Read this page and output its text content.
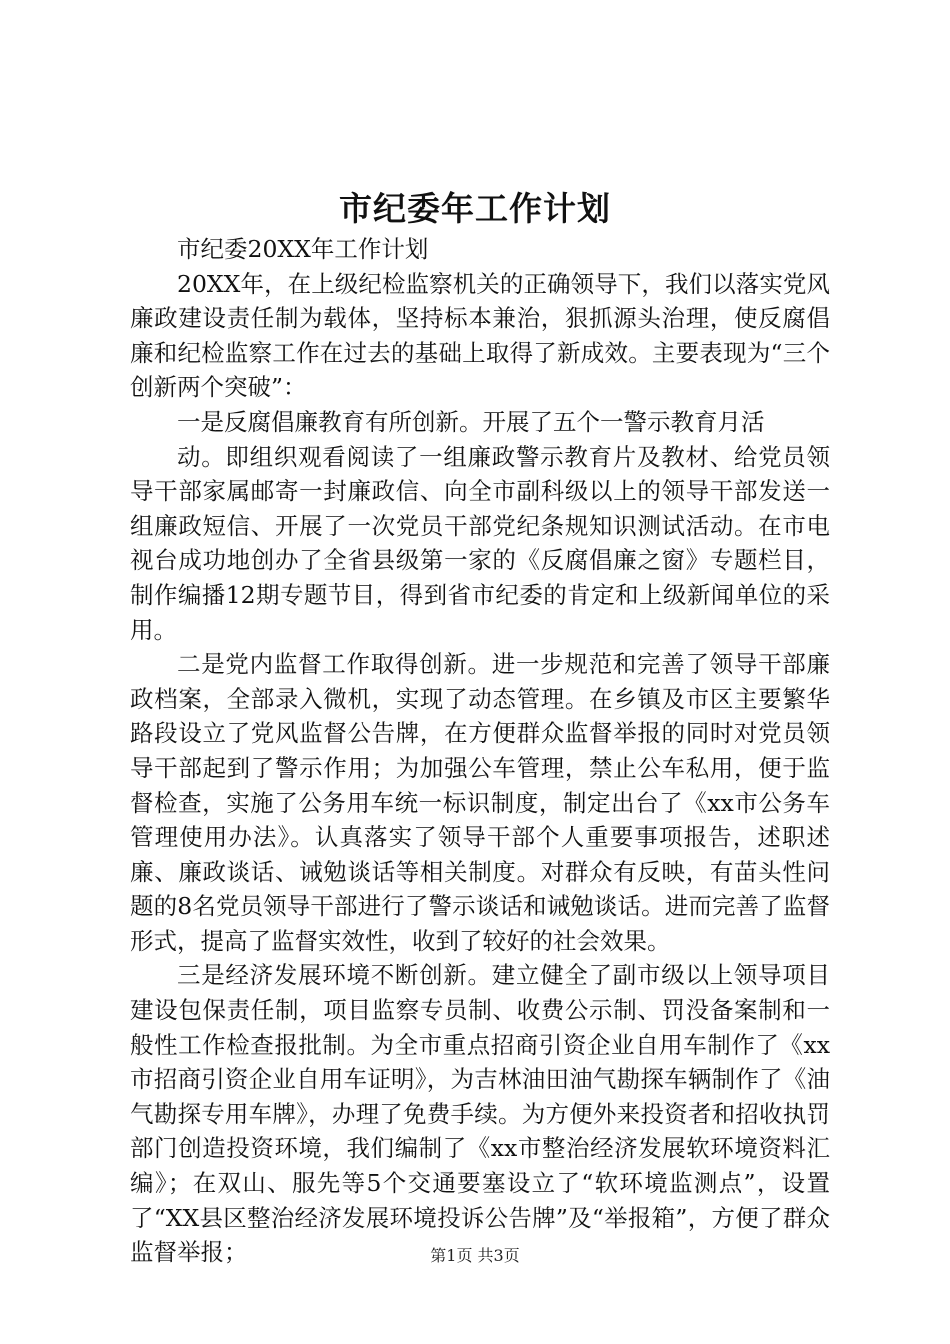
市纪委年工作计划

市纪委20XX年工作计划

20XX年，在上级纪检监察机关的正确领导下，我们以落实党风廉政建设责任制为载体，坚持标本兼治，狠抓源头治理，使反腐倡廉和纪检监察工作在过去的基础上取得了新成效。主要表现为“三个创新两个突破”：

一是反腐倡廉教育有所创新。开展了五个一警示教育月活

动。即组织观看阅读了一组廉政警示教育片及教材、给党员领导干部家属邮寄一封廉政信、向全市副科级以上的领导干部发送一组廉政短信、开展了一次党员干部党纪条规知识测试活动。在市电视台成功地创办了全省县级第一家的《反腐倡廉之窗》专题栏目，制作编播12期专题节目，得到省市纪委的肯定和上级新闻单位的采用。

二是党内监督工作取得创新。进一步规范和完善了领导干部廉政档案，全部录入微机，实现了动态管理。在乡镇及市区主要繁华路段设立了党风监督公告牌，在方便群众监督举报的同时对党员领导干部起到了警示作用；为加强公车管理，禁止公车私用，便于监督检查，实施了公务用车统一标识制度，制定出台了《xx市公务车管理使用办法》。认真落实了领导干部个人重要事项报告，述职述廉、廉政谈话、诫勉谈话等相关制度。对群众有反映，有苗头性问题的8名党员领导干部进行了警示谈话和诫勉谈话。进而完善了监督形式，提高了监督实效性，收到了较好的社会效果。

三是经济发展环境不断创新。建立健全了副市级以上领导项目建设包保责任制，项目监察专员制、收费公示制、罚没备案制和一般性工作检查报批制。为全市重点招商引资企业自用车制作了《xx市招商引资企业自用车证明》，为吉林油田油气勘探车辆制作了《油气勘探专用车牌》，办理了免费手续。为方便外来投资者和招收执罚部门创造投资环境，我们编制了《xx市整治经济发展软环境资料汇编》；在双山、服先等5个交通要塞设立了“软环境监测点”，设置了“XX县区整治经济发展环境投诉公告牌”及“举报箱”，方便了群众监督举报；	第1页 共3页
